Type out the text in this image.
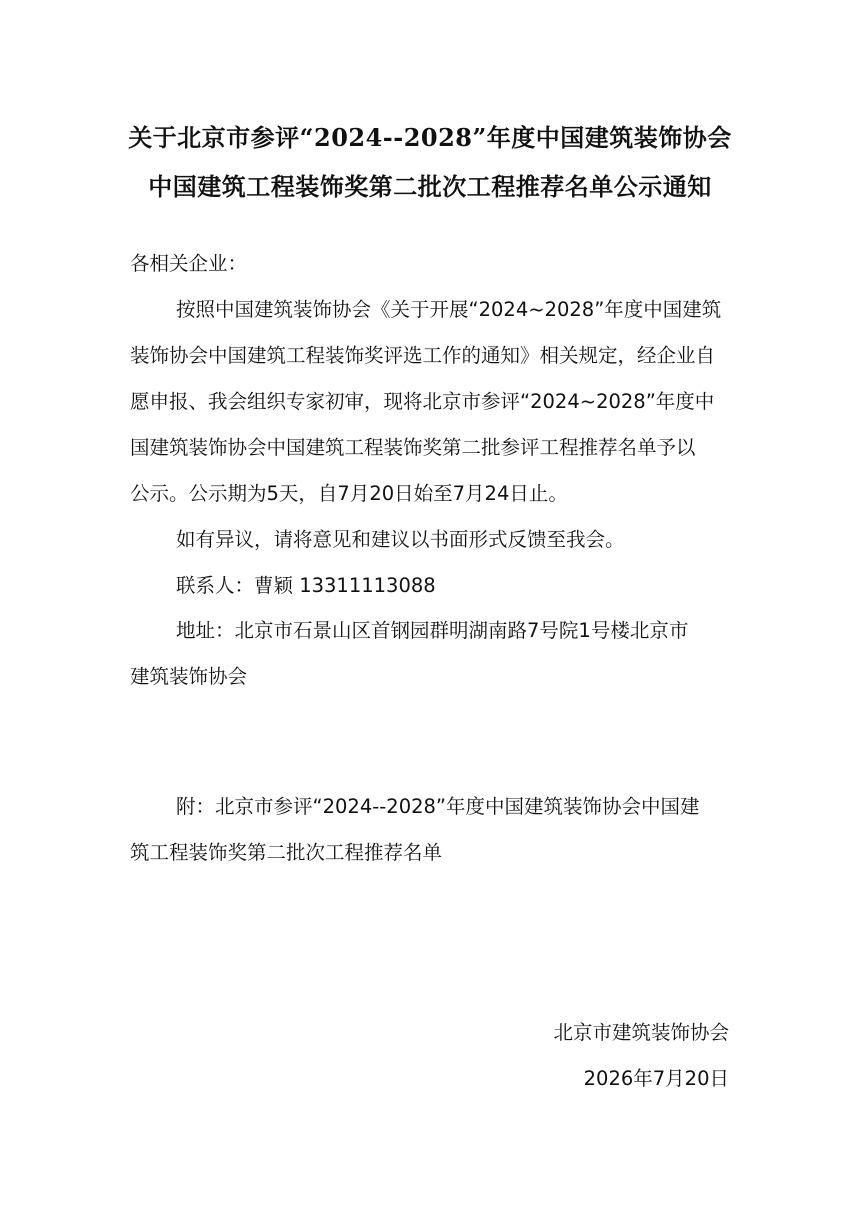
关于北京市参评“2024--2028”年度中国建筑装饰协会
中国建筑工程装饰奖第二批次工程推荐名单公示通知
各相关企业：
按照中国建筑装饰协会《关于开展“2024~2028”年度中国建筑
装饰协会中国建筑工程装饰奖评选工作的通知》相关规定，经企业自
愿申报、我会组织专家初审，现将北京市参评“2024~2028”年度中
国建筑装饰协会中国建筑工程装饰奖第二批参评工程推荐名单予以
公示。公示期为5天，自7月20日始至7月24日止。
如有异议，请将意见和建议以书面形式反馈至我会。
联系人：曹颖 13311113088
地址：北京市石景山区首钢园群明湖南路7号院1号楼北京市
建筑装饰协会
附：北京市参评“2024--2028”年度中国建筑装饰协会中国建
筑工程装饰奖第二批次工程推荐名单
北京市建筑装饰协会
2026年7月20日
